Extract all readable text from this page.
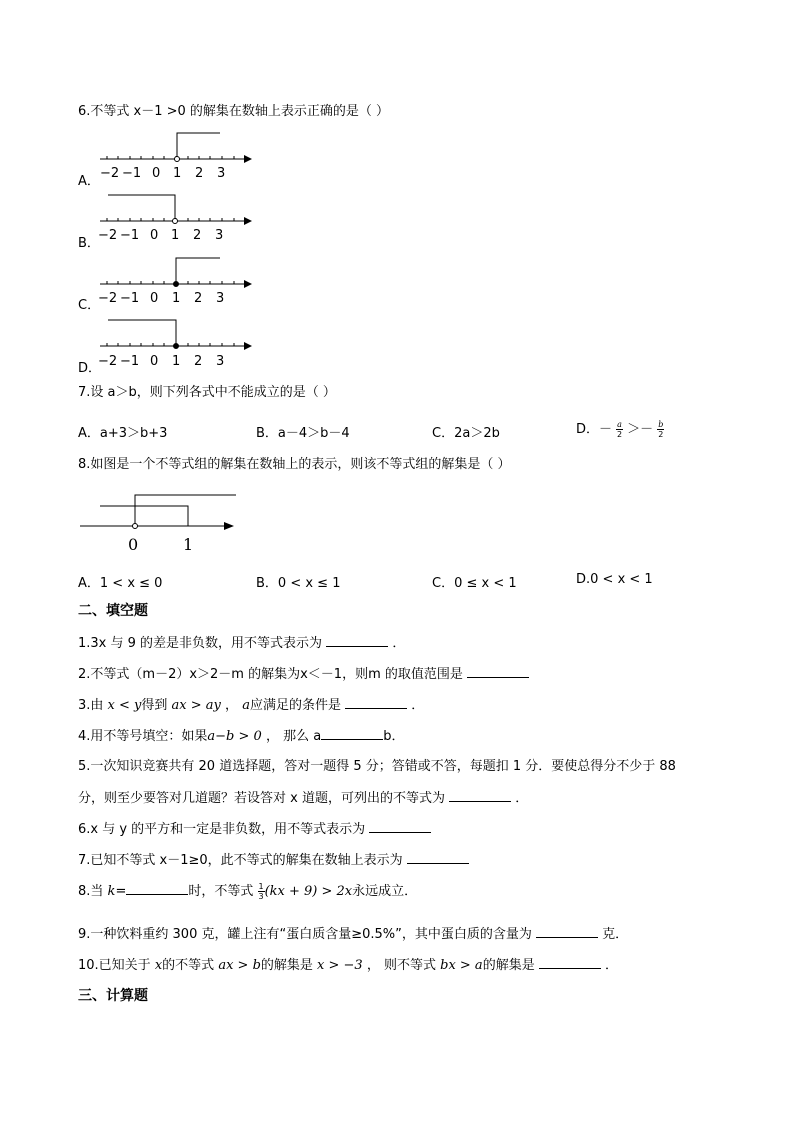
6.不等式 x－1 >0 的解集在数轴上表示正确的是（ ）
A．
−2 −1 0 1 2 3
B．
−2 −1 0 1 2 3
C．
−2 −1 0 1 2 3
D．
−2 −1 0 1 2 3
7.设 a＞b，则下列各式中不能成立的是（ ）
A．a+3＞b+3	B．a－4＞b－4	C．2a＞2b	D．－ $\frac{a}{2} >- \frac{b}{2}$
8.如图是一个不等式组的解集在数轴上的表示，则该不等式组的解集是（ ）
0	1
A．1 < x ≤ 0	B．0 < x ≤ 1	C．0 ≤ x < 1	D.0 < x < 1
二、填空题
1.3x 与 9 的差是非负数，用不等式表示为	．
2.不等式（m－2）x＞2－m 的解集为x＜－1，则m 的取值范围是
3.由 x < y得到 ax > ay ， a应满足的条件是	．
4.用不等号填空：如果a−b > 0 ， 那么 a	b．
5.一次知识竞赛共有 20 道选择题，答对一题得 5 分；答错或不答，每题扣 1 分．要使总得分不少于 88
分，则至少要答对几道题？若设答对 x 道题，可列出的不等式为	．
6.x 与 y 的平方和一定是非负数，用不等式表示为
7.已知不等式 x－1≥0，此不等式的解集在数轴上表示为
8.当 k=	时，不等式 $\frac{1}{3} (kx + 9) > 2x$永远成立．
9.一种饮料重约 300 克，罐上注有“蛋白质含量≥0.5%”，其中蛋白质的含量为	克．
10.已知关于 x的不等式 ax > b的解集是 x > −3 ， 则不等式 bx > a的解集是	．
三、计算题
